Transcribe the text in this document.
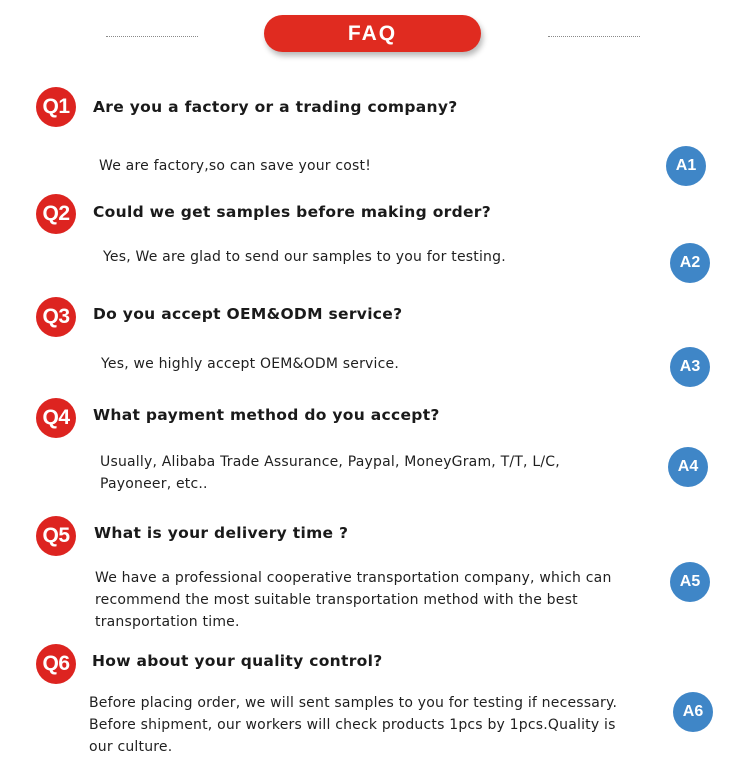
FAQ
Q1	Are you a factory or a trading company?
We are factory,so can save your cost!	A1
Q2	Could we get samples before making order?
Yes, We are glad to send our samples to you for testing.	A2
Q3	Do you accept OEM&ODM service?
Yes, we highly accept OEM&ODM service.	A3
Q4	What payment method do you accept?
Usually, Alibaba Trade Assurance, Paypal, MoneyGram, T/T, L/C,
Payoneer, etc..
A4
Q5	What is your delivery time ?
We have a professional cooperative transportation company, which can
recommend the most suitable transportation method with the best
transportation time.
A5
Q6	How about your quality control?
Before placing order, we will sent samples to you for testing if necessary.
Before shipment, our workers will check products 1pcs by 1pcs.Quality is
our culture.
A6
